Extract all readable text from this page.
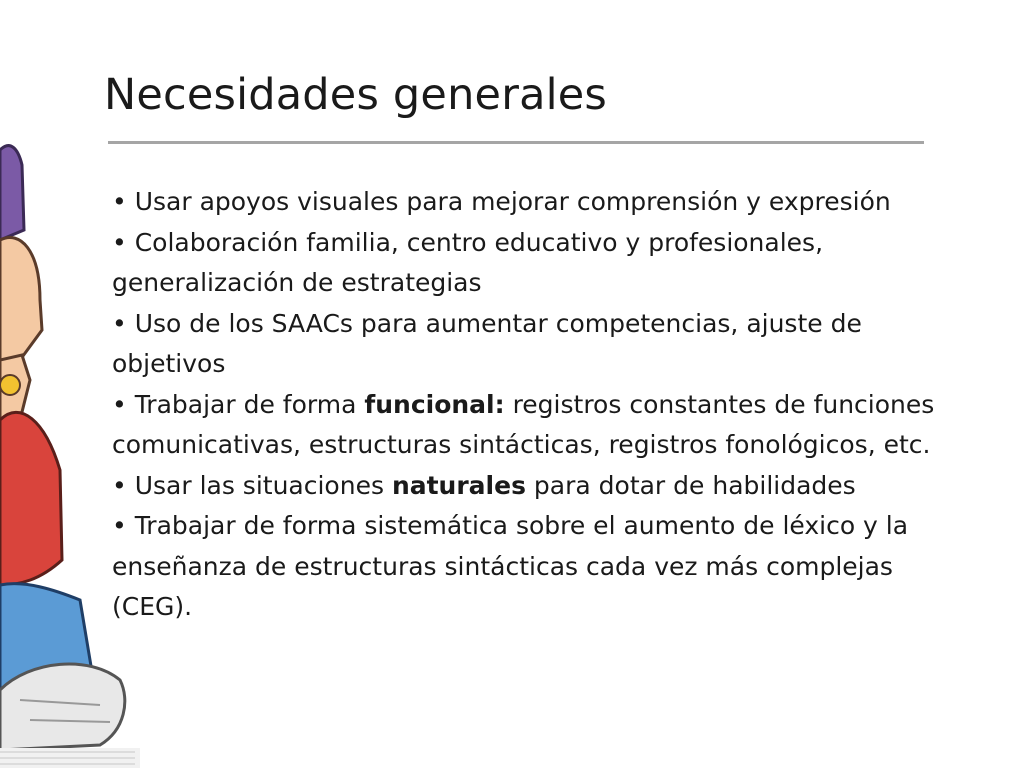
Necesidades generales
• Usar apoyos visuales para mejorar comprensión y expresión
• Colaboración familia, centro educativo y profesionales, generalización de estrategias
• Uso de los SAACs para aumentar competencias, ajuste de objetivos
• Trabajar de forma funcional: registros constantes de funciones comunicativas, estructuras sintácticas, registros fonológicos, etc.
• Usar las situaciones naturales para dotar de habilidades
• Trabajar de forma sistemática sobre el aumento de léxico y la enseñanza de estructuras sintácticas cada vez más complejas (CEG).
